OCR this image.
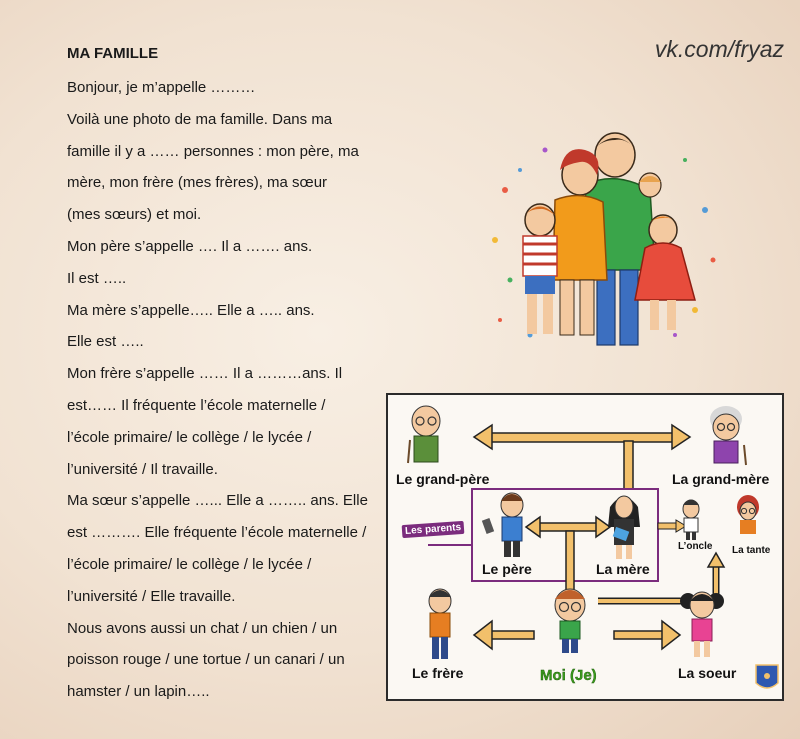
MA FAMILLE
Bonjour, je m’appelle ………
Voilà une photo de ma famille. Dans ma
famille il y a …… personnes : mon père, ma
mère, mon frère (mes frères), ma sœur
(mes sœurs) et moi.
Mon père s’appelle …. Il a ……. ans.
Il est …..
Ma mère s’appelle….. Elle a ….. ans.
Elle est …..
Mon frère s’appelle …… Il a ………ans. Il
est…… Il fréquente l’école maternelle /
l’école primaire/ le collège / le lycée /
l’université / Il travaille.
Ma sœur s’appelle …... Elle a …….. ans. Elle
est ………. Elle fréquente l’école maternelle /
l’école primaire/ le collège / le lycée /
l’université / Elle travaille.
Nous avons aussi un chat / un chien / un
poisson rouge / une tortue / un canari / un
hamster / un lapin…..
vk.com/fryaz
Le grand-père	La grand-mère
Les parents
Le père	La mère
L’oncle La tante
Le frère	Moi (Je)	La soeur
